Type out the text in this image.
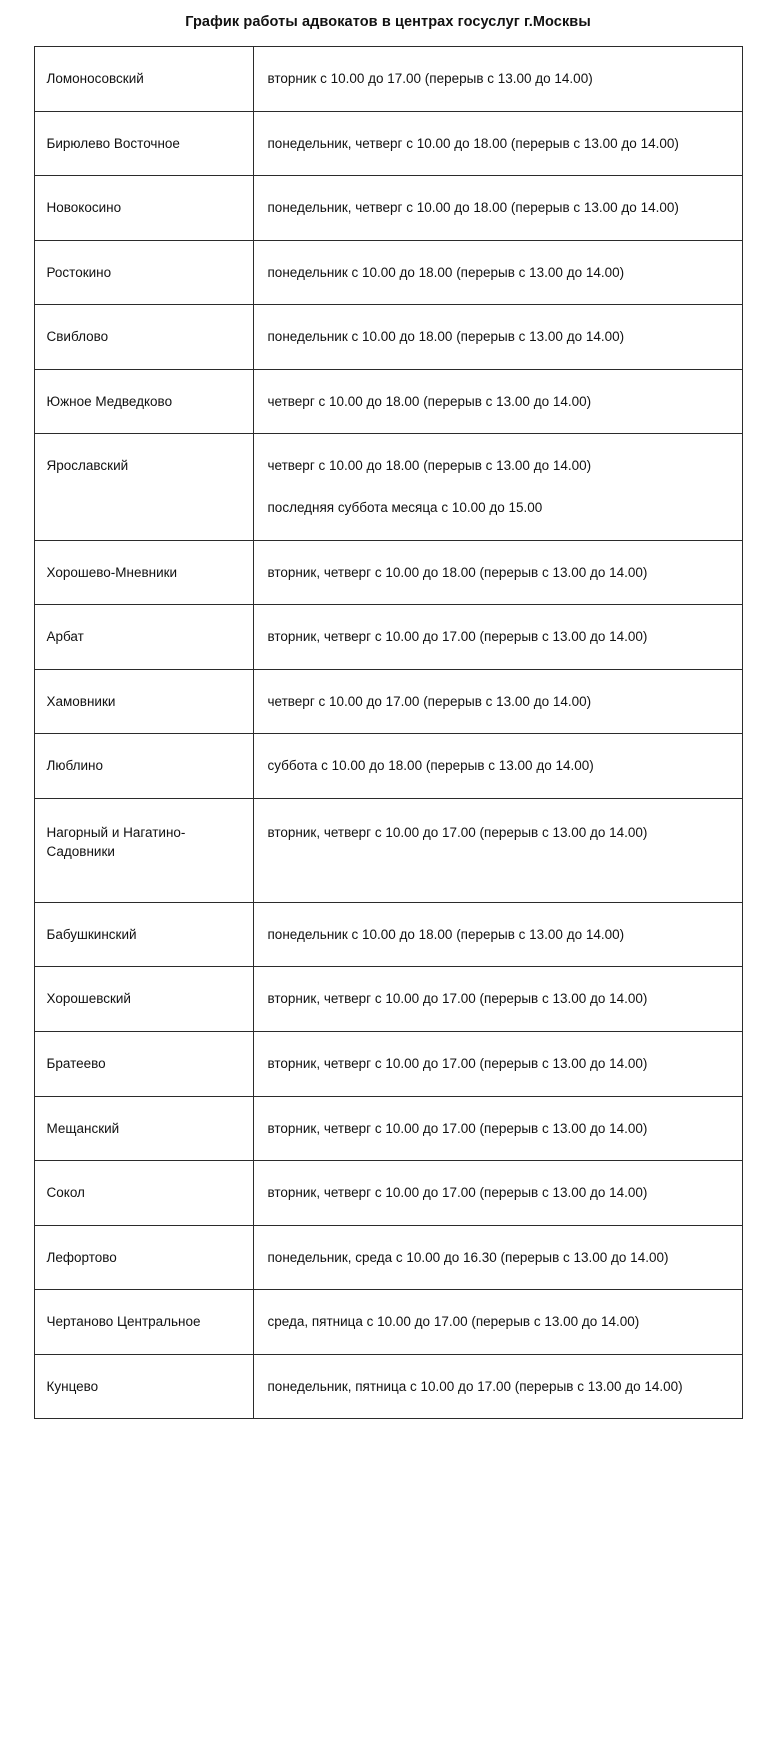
График работы адвокатов в центрах госуслуг г.Москвы
Ломоносовский	вторник с 10.00 до 17.00 (перерыв с 13.00 до 14.00)

Бирюлево Восточное	понедельник, четверг с 10.00 до 18.00 (перерыв с 13.00 до 14.00)

Новокосино	понедельник, четверг с 10.00 до 18.00 (перерыв с 13.00 до 14.00)

Ростокино	понедельник с 10.00 до 18.00 (перерыв с 13.00 до 14.00)

Свиблово	понедельник с 10.00 до 18.00 (перерыв с 13.00 до 14.00)

Южное Медведково	четверг с 10.00 до 18.00 (перерыв с 13.00 до 14.00)

Ярославский	четверг с 10.00 до 18.00 (перерыв с 13.00 до 14.00)
последняя суббота месяца с 10.00 до 15.00

Хорошево-Мневники	вторник, четверг с 10.00 до 18.00 (перерыв с 13.00 до 14.00)

Арбат	вторник, четверг с 10.00 до 17.00 (перерыв с 13.00 до 14.00)

Хамовники	четверг с 10.00 до 17.00 (перерыв с 13.00 до 14.00)

Люблино	суббота с 10.00 до 18.00 (перерыв с 13.00 до 14.00)

Нагорный и Нагатино-Садовники	вторник, четверг с 10.00 до 17.00 (перерыв с 13.00 до 14.00)

Бабушкинский	понедельник с 10.00 до 18.00 (перерыв с 13.00 до 14.00)

Хорошевский	вторник, четверг с 10.00 до 17.00 (перерыв с 13.00 до 14.00)

Братеево	вторник, четверг с 10.00 до 17.00 (перерыв с 13.00 до 14.00)

Мещанский	вторник, четверг с 10.00 до 17.00 (перерыв с 13.00 до 14.00)

Сокол	вторник, четверг с 10.00 до 17.00 (перерыв с 13.00 до 14.00)

Лефортово	понедельник, среда с 10.00 до 16.30 (перерыв с 13.00 до 14.00)

Чертаново Центральное	среда, пятница с 10.00 до 17.00 (перерыв с 13.00 до 14.00)

Кунцево	понедельник, пятница с 10.00 до 17.00 (перерыв с 13.00 до 14.00)
